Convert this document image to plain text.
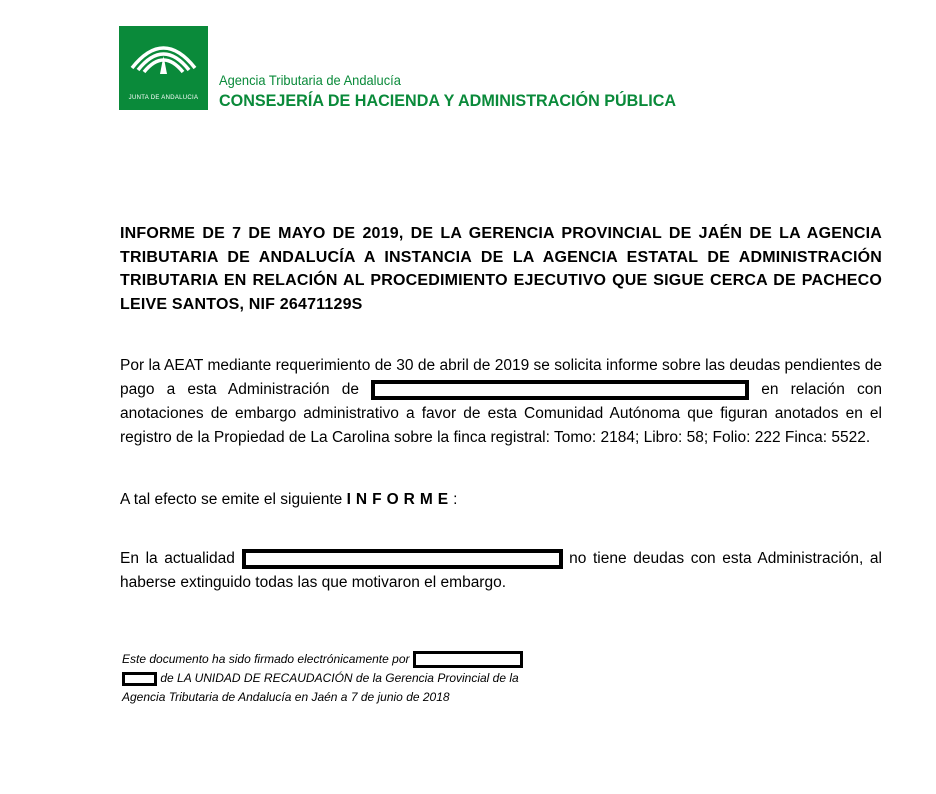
JUNTA DE ANDALUCIA
Agencia Tributaria de Andalucía
CONSEJERÍA DE HACIENDA Y ADMINISTRACIÓN PÚBLICA
INFORME DE 7 DE MAYO DE 2019, DE LA GERENCIA PROVINCIAL DE JAÉN DE LA AGENCIA TRIBUTARIA DE ANDALUCÍA A INSTANCIA DE LA AGENCIA ESTATAL DE ADMINISTRACIÓN TRIBUTARIA EN RELACIÓN AL PROCEDIMIENTO EJECUTIVO QUE SIGUE CERCA DE PACHECO LEIVE SANTOS, NIF 26471129S
Por la AEAT mediante requerimiento de 30 de abril de 2019 se solicita informe sobre las deudas pendientes de pago a esta Administración de	en relación con anotaciones de embargo administrativo a favor de esta Comunidad Autónoma que figuran anotados en el registro de la Propiedad de La Carolina sobre la finca registral: Tomo: 2184; Libro: 58; Folio: 222 Finca: 5522.
A tal efecto se emite el siguiente INFORME:
En la actualidad	no tiene deudas con esta Administración, al haberse extinguido todas las que motivaron el embargo.
Este documento ha sido firmado electrónicamente por
de LA UNIDAD DE RECAUDACIÓN de la Gerencia Provincial de la Agencia Tributaria de Andalucía en Jaén a 7 de junio de 2018
